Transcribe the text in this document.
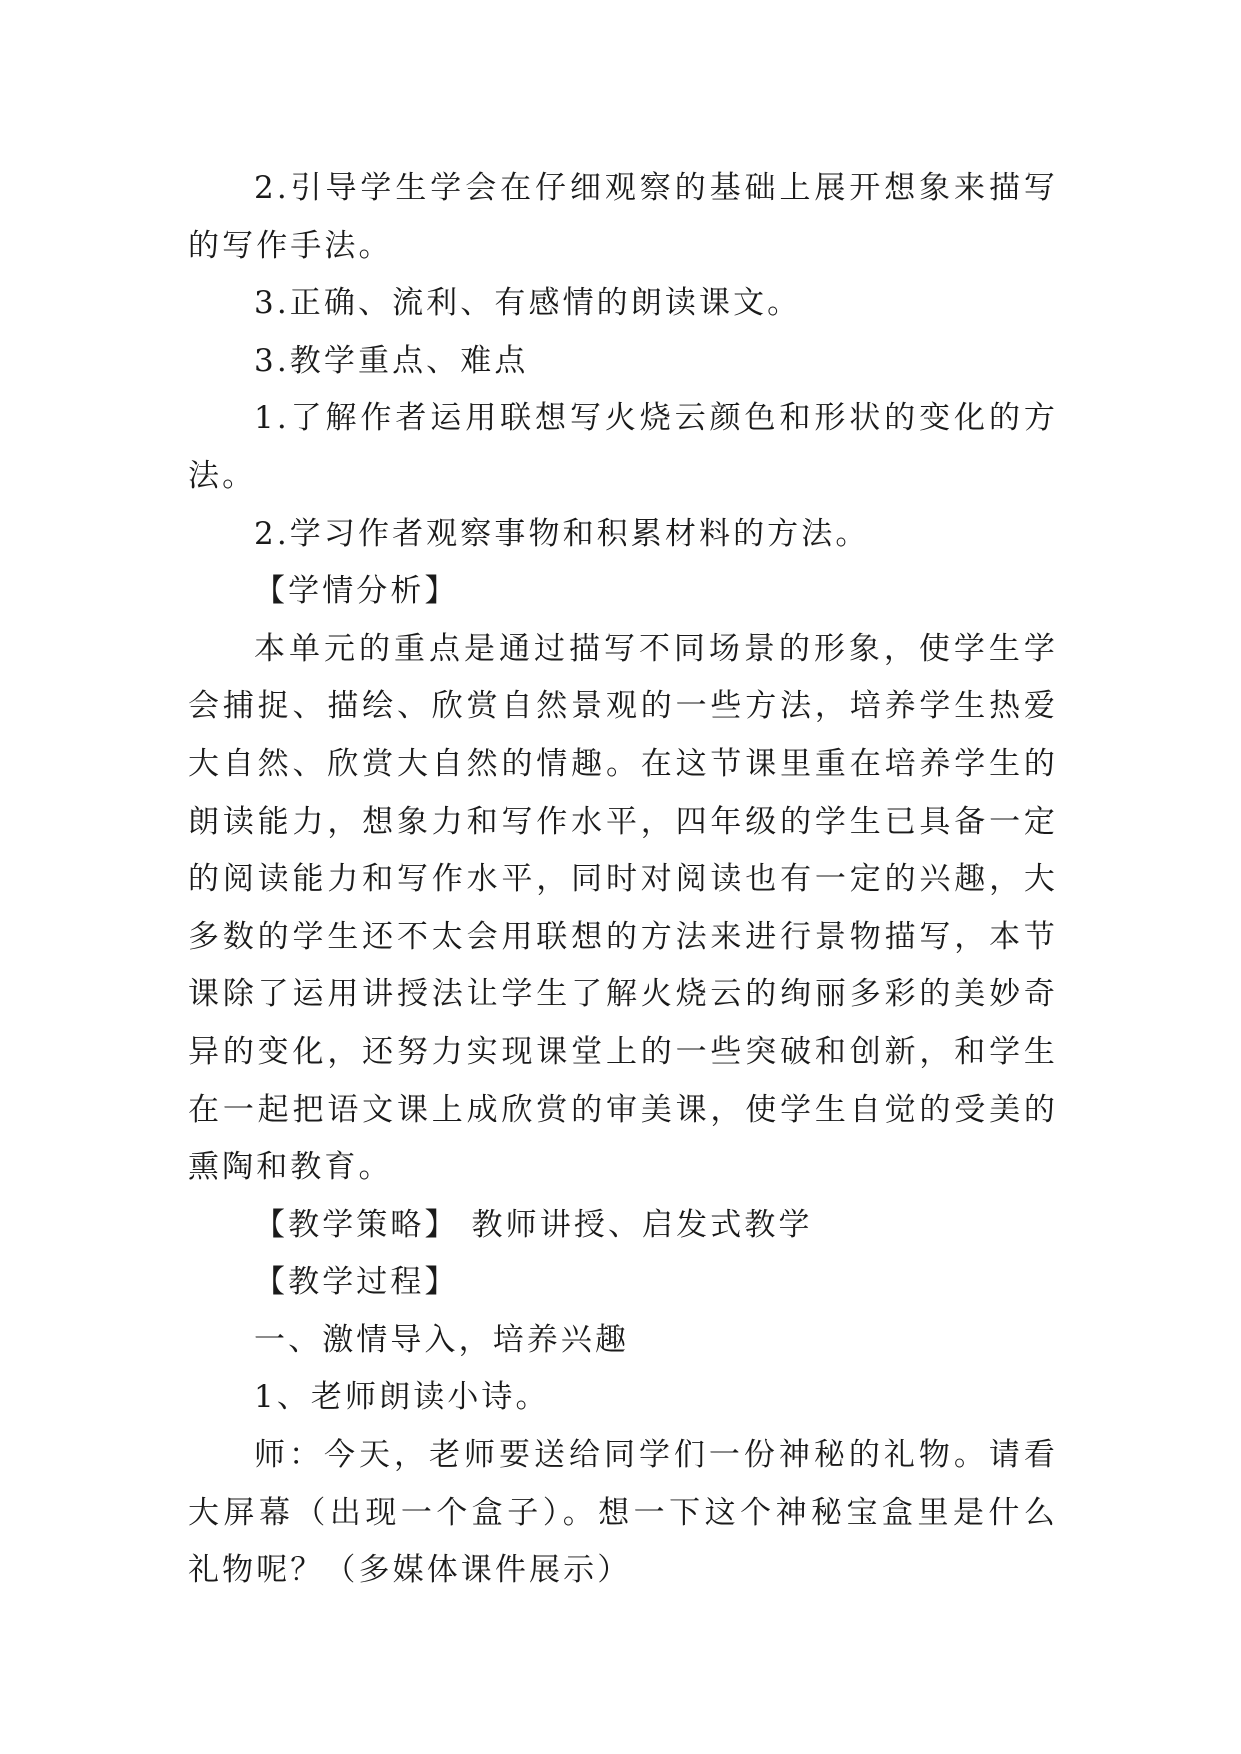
2.引导学生学会在仔细观察的基础上展开想象来描写的写作手法。

3.正确、流利、有感情的朗读课文。

3.教学重点、难点

1.了解作者运用联想写火烧云颜色和形状的变化的方法。

2.学习作者观察事物和积累材料的方法。

【学情分析】

本单元的重点是通过描写不同场景的形象，使学生学会捕捉、描绘、欣赏自然景观的一些方法，培养学生热爱大自然、欣赏大自然的情趣。在这节课里重在培养学生的朗读能力，想象力和写作水平，四年级的学生已具备一定的阅读能力和写作水平，同时对阅读也有一定的兴趣，大多数的学生还不太会用联想的方法来进行景物描写，本节课除了运用讲授法让学生了解火烧云的绚丽多彩的美妙奇异的变化，还努力实现课堂上的一些突破和创新，和学生在一起把语文课上成欣赏的审美课，使学生自觉的受美的熏陶和教育。

【教学策略】 教师讲授、启发式教学

【教学过程】

一、激情导入，培养兴趣

1、老师朗读小诗。

师：今天，老师要送给同学们一份神秘的礼物。请看大屏幕（出现一个盒子）。想一下这个神秘宝盒里是什么礼物呢？（多媒体课件展示）
